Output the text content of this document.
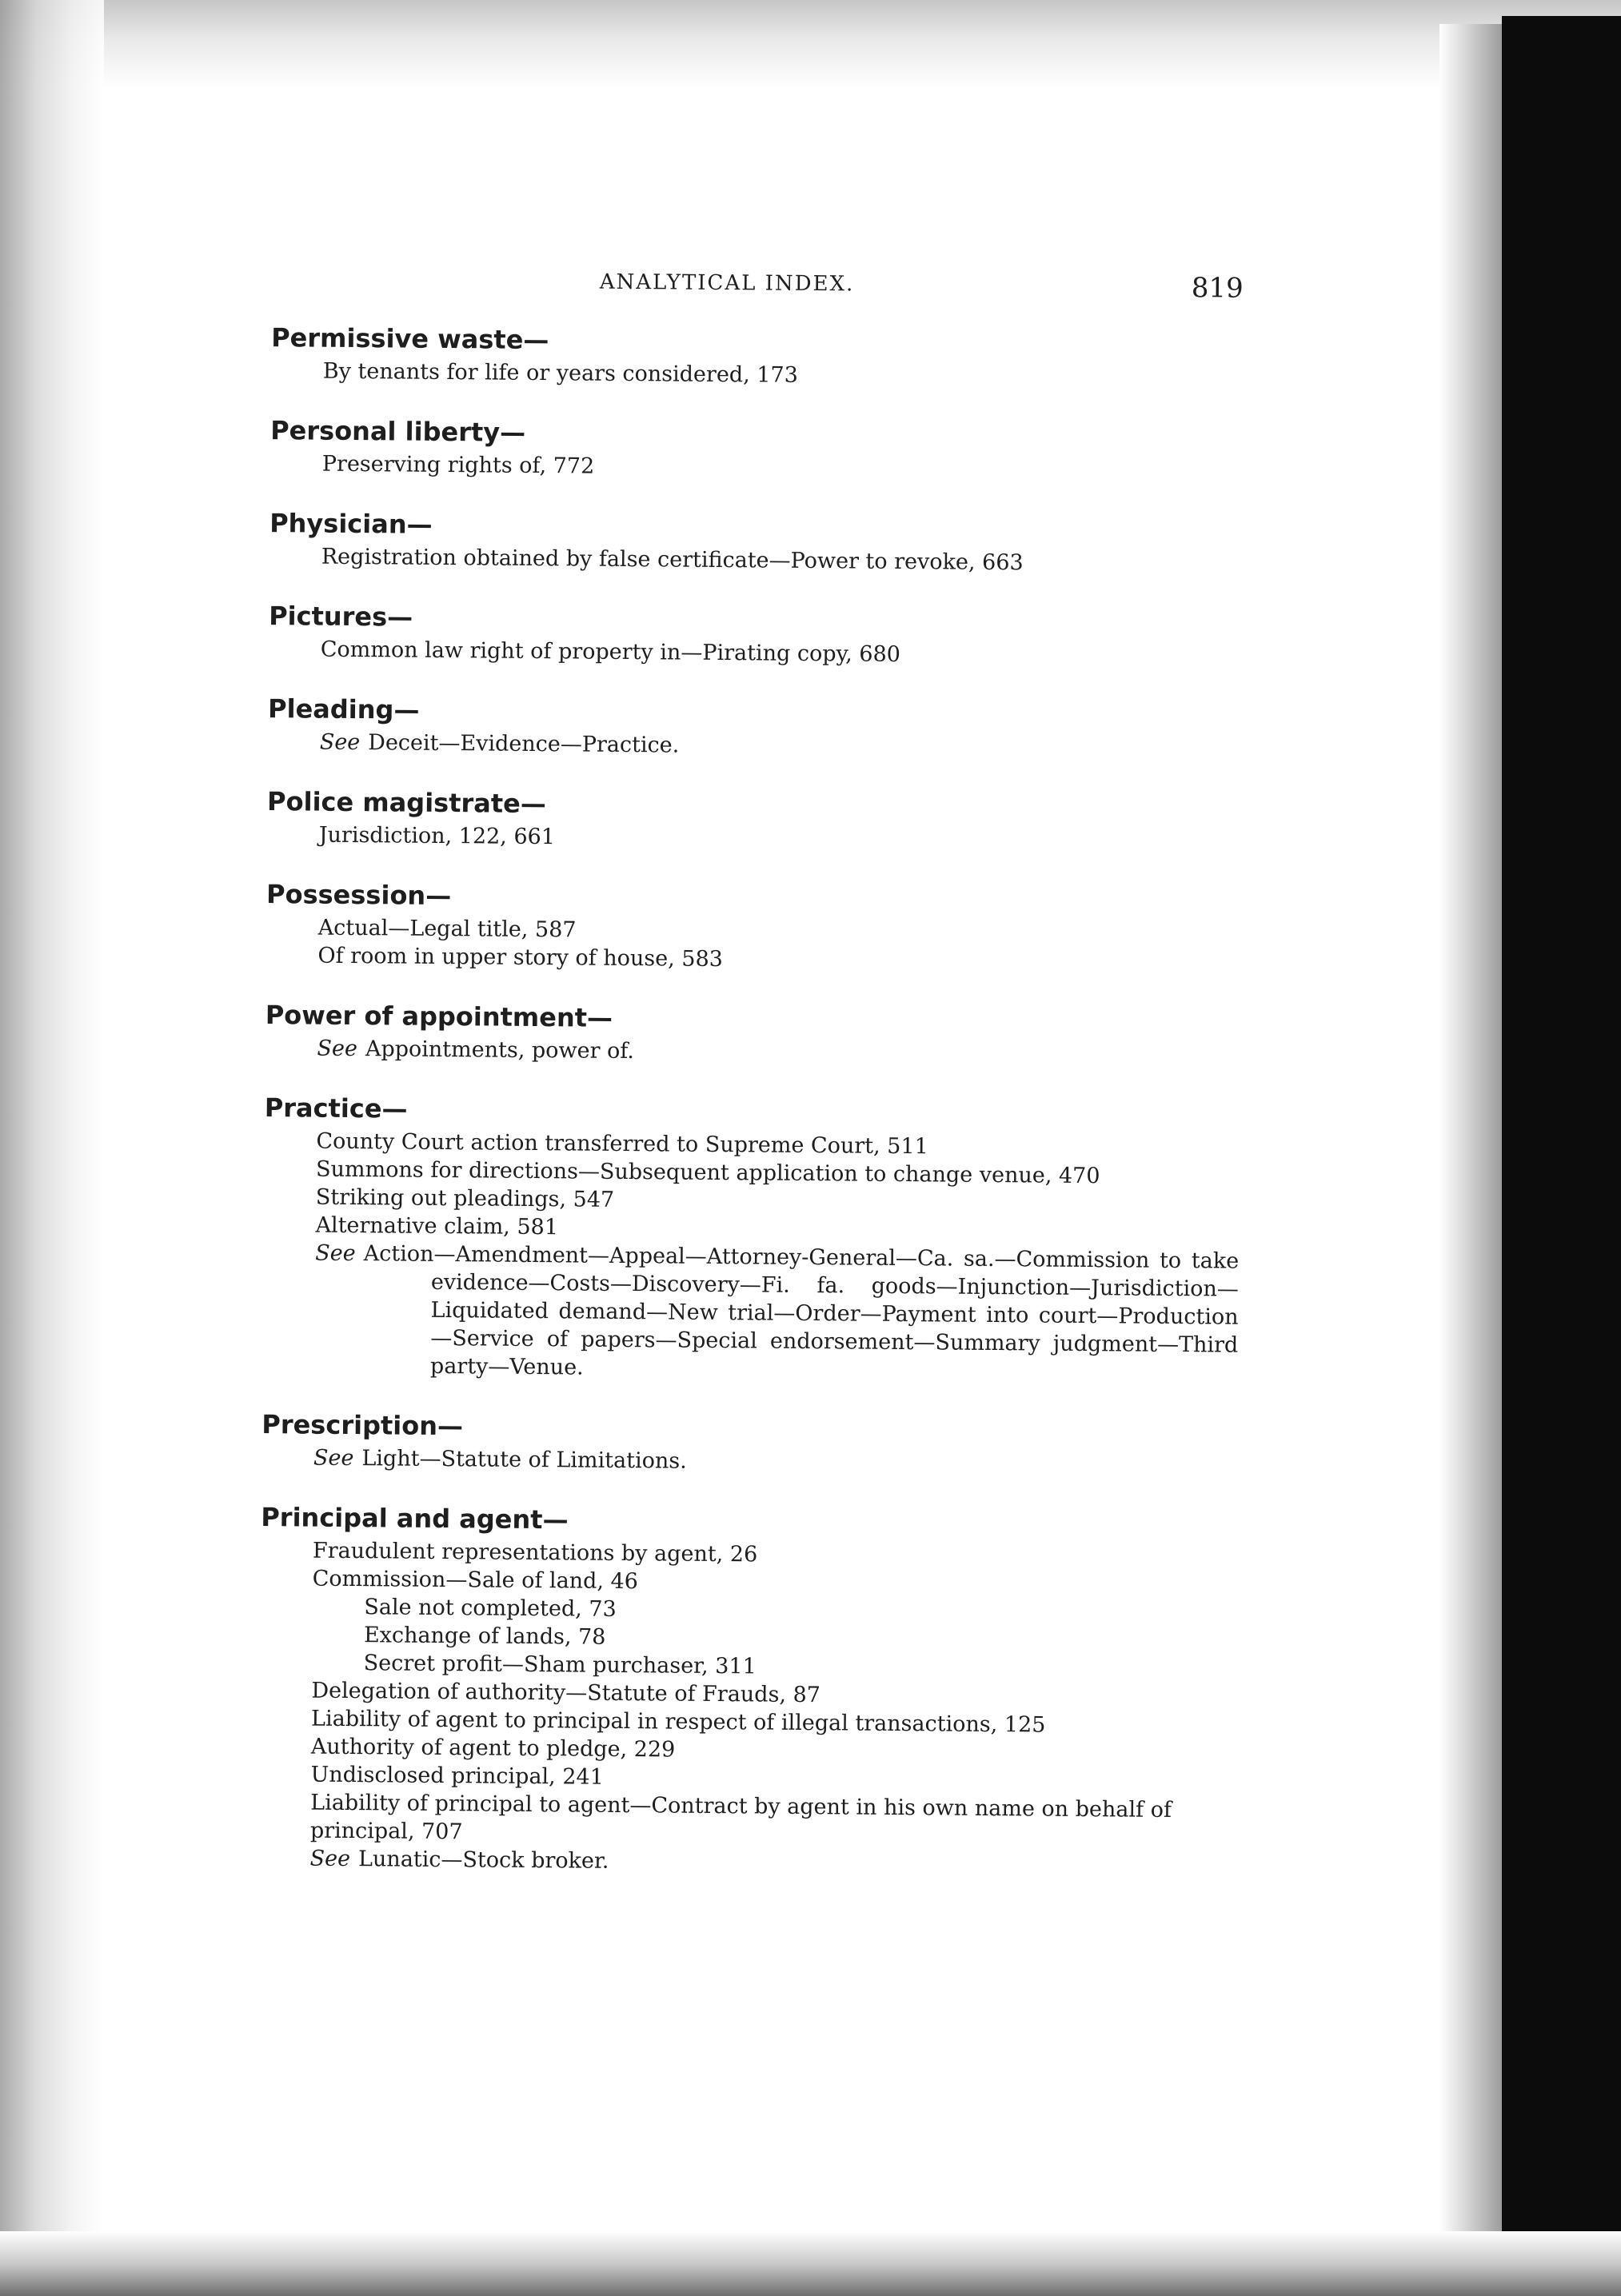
ANALYTICAL INDEX.	819
Permissive waste—
By tenants for life or years considered, 173
Personal liberty—
Preserving rights of, 772
Physician—
Registration obtained by false certificate—Power to revoke, 663
Pictures—
Common law right of property in—Pirating copy, 680
Pleading—
See Deceit—Evidence—Practice.
Police magistrate—
Jurisdiction, 122, 661
Possession—
Actual—Legal title, 587
Of room in upper story of house, 583
Power of appointment—
See Appointments, power of.
Practice—
County Court action transferred to Supreme Court, 511
Summons for directions—Subsequent application to change venue, 470
Striking out pleadings, 547
Alternative claim, 581
See Action—Amendment—Appeal—Attorney-General—Ca. sa.—Commission to take evidence—Costs—Discovery—Fi. fa. goods—Injunction—Jurisdiction—Liquidated demand—New trial—Order—Payment into court—Production—Service of papers—Special endorsement—Summary judgment—Third party—Venue.
Prescription—
See Light—Statute of Limitations.
Principal and agent—
Fraudulent representations by agent, 26
Commission—Sale of land, 46
Sale not completed, 73
Exchange of lands, 78
Secret profit—Sham purchaser, 311
Delegation of authority—Statute of Frauds, 87
Liability of agent to principal in respect of illegal transactions, 125
Authority of agent to pledge, 229
Undisclosed principal, 241
Liability of principal to agent—Contract by agent in his own name on behalf of principal, 707
See Lunatic—Stock broker.
